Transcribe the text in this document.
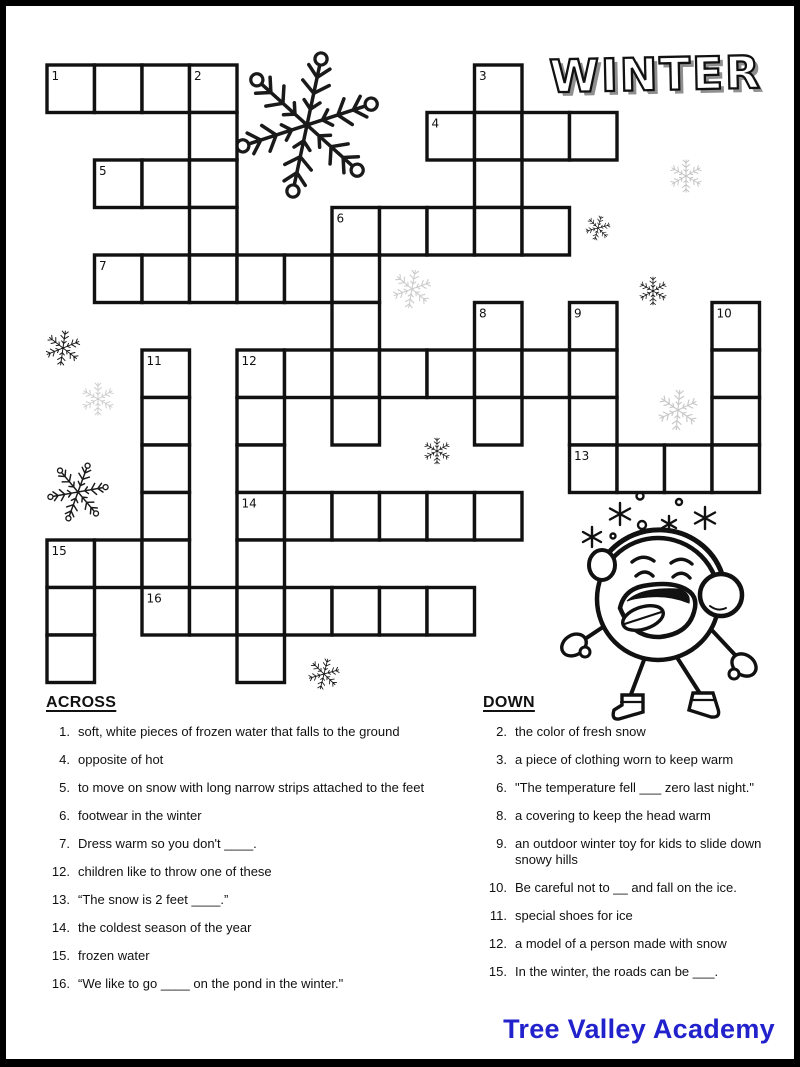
1	2	3
4
5
6
7
8	9	10
11	12
13
14
15
16
WINTER
ACROSS
1. soft, white pieces of frozen water that falls to the ground
4. opposite of hot
5. to move on snow with long narrow strips attached to the feet
6. footwear in the winter
7. Dress warm so you don't ____.
12. children like to throw one of these
13. “The snow is 2 feet ____.”
14. the coldest season of the year
15. frozen water
16. “We like to go ____ on the pond in the winter."
DOWN
2. the color of fresh snow
3. a piece of clothing worn to keep warm
6. "The temperature fell ___ zero last night."
8. a covering to keep the head warm
9. an outdoor winter toy for kids to slide down snowy hills
10. Be careful not to __ and fall on the ice.
11. special shoes for ice
12. a model of a person made with snow
15. In the winter, the roads can be ___.
Tree Valley Academy
